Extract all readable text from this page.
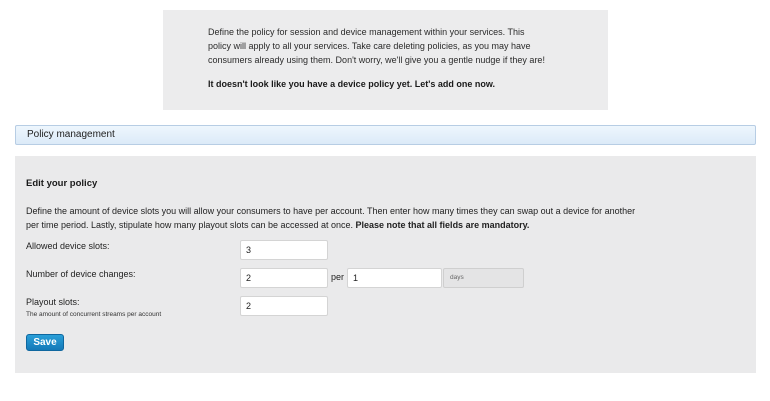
Define the policy for session and device management within your services. This

policy will apply to all your services. Take care deleting policies, as you may have

consumers already using them. Don't worry, we'll give you a gentle nudge if they are!

It doesn't look like you have a device policy yet. Let's add one now.

Policy management
Edit your policy
Define the amount of device slots you will allow your consumers to have per account. Then enter how many times they can swap out a device for another
per time period. Lastly, stipulate how many playout slots can be accessed at once. Please note that all fields are mandatory.
Allowed device slots:
3
Number of device changes:
2	per
1	days
Playout slots:
The amount of concurrent streams per account
2
Save
